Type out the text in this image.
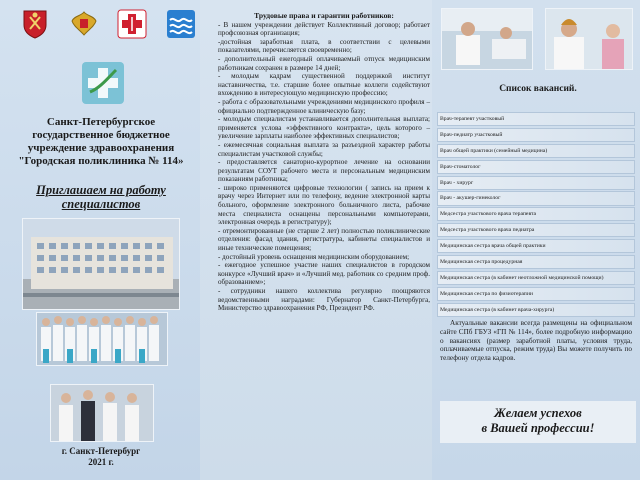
Санкт-Петербургское государственное бюджетное учреждение здравоохранения "Городская поликлиника № 114»
Приглашаем на работу специалистов
г. Санкт-Петербург
2021 г.

Трудовые права и гарантии работников:

- В нашем учреждении действует Коллективный договор; работает профсоюзная организация;

-достойная заработная плата, в соответствии с целевыми показателями, перечисляется своевременно;

- дополнительный ежегодный оплачиваемый отпуск медицинским работникам сохранен в размере 14 дней;

- молодым кадрам существенной поддержкой институт наставничества, т.е. старшие более опытные коллеги содействуют вхождению в интересующую медицинскую профессию;

- работа с образовательными учреждениями медицинского профиля – официально подтвержденное клиническую базу;

- молодым специалистам устанавливается дополнительная выплата; применяется услова «эффективного контракта», цель которого – увеличение зарплаты наиболее эффективных специалистов;

- ежемесячная социальная выплата за разъездной характер работы специалистам участковой службы;

- предоставляется санаторно-курортное лечение на основании результатам СОУТ рабочего места и персональным медицинским показаниям работника;

- широко применяются цифровые технологии ( запись на прием к врачу через Интернет или по телефону, ведение электронной карты больного, оформление электронного больничного листа, рабочие места специалиста оснащены персональными компьютерами, электронная очередь в регистратуру);

- отремонтированные (не старше 2 лет) полностью поликлинические отделения: фасад здания, регистратура, кабинеты специалистов и иные технические помещения;

- достойный уровень оснащения медицинским оборудованием;

- ежегодное успешное участие наших специалистов в городском конкурсе «Лучший врач» и «Лучший мед. работник со средним проф. образованием»;

- сотрудники нашего коллектива регулярно поощряются ведомственными наградами: Губернатор Санкт-Петербурга, Министерство здравоохранения РФ, Президент РФ.

Список вакансий.
Врач-терапевт участковый
Врач-педиатр участковый
Врач общей практики (семейный медицина)
Врач-стоматолог
Врач - хирург
Врач - акушер-гинеколог
Медсестра участкового врача терапевта
Медсестра участкового врача педиатра
Медицинская сестра врача общей практики
Медицинская сестра процедурная
Медицинская сестра (в кабинет неотложной медицинской помощи)
Медицинская сестра по физиотерапии
Медицинская сестра (в кабинет врача-хирурга)
Актуальные вакансии всегда размещены на официальном сайте СПб ГБУЗ «ГП № 114», более подробную информацию о вакансиях (размер заработной платы, условия труда, оплачиваемые отпуска, режим труда) Вы можете получить по телефону отдела кадров.
Желаем успехов
в Вашей профессии!
